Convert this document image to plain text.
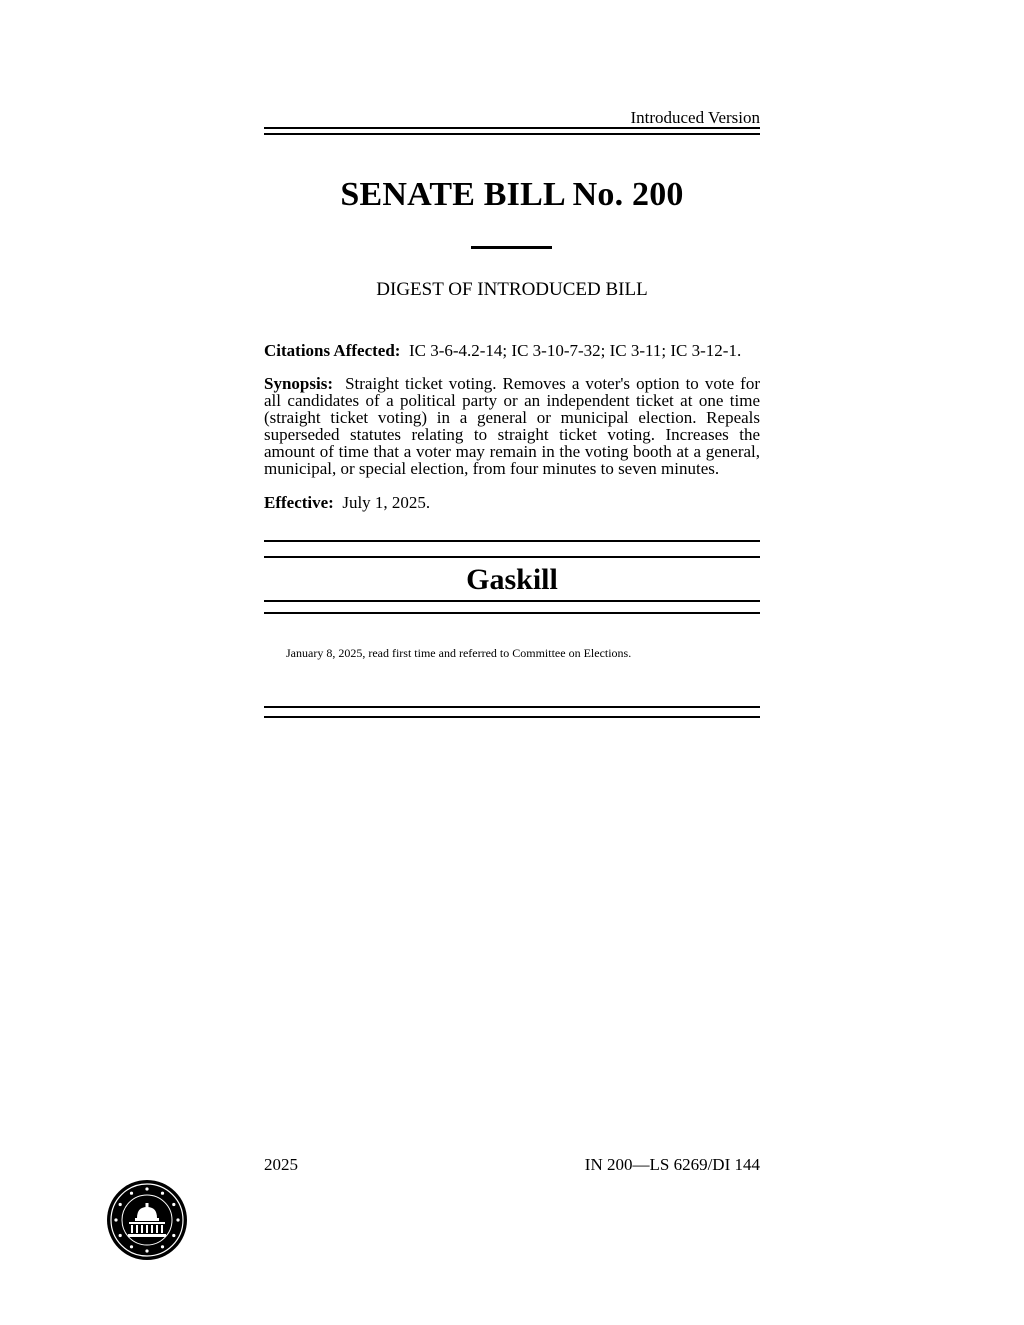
Introduced Version
SENATE BILL No. 200
DIGEST OF INTRODUCED BILL
Citations Affected: IC 3-6-4.2-14; IC 3-10-7-32; IC 3-11; IC 3-12-1.
Synopsis: Straight ticket voting. Removes a voter's option to vote for all candidates of a political party or an independent ticket at one time (straight ticket voting) in a general or municipal election. Repeals superseded statutes relating to straight ticket voting. Increases the amount of time that a voter may remain in the voting booth at a general, municipal, or special election, from four minutes to seven minutes.
Effective: July 1, 2025.
Gaskill
January 8, 2025, read first time and referred to Committee on Elections.
2025	IN 200—LS 6269/DI 144
